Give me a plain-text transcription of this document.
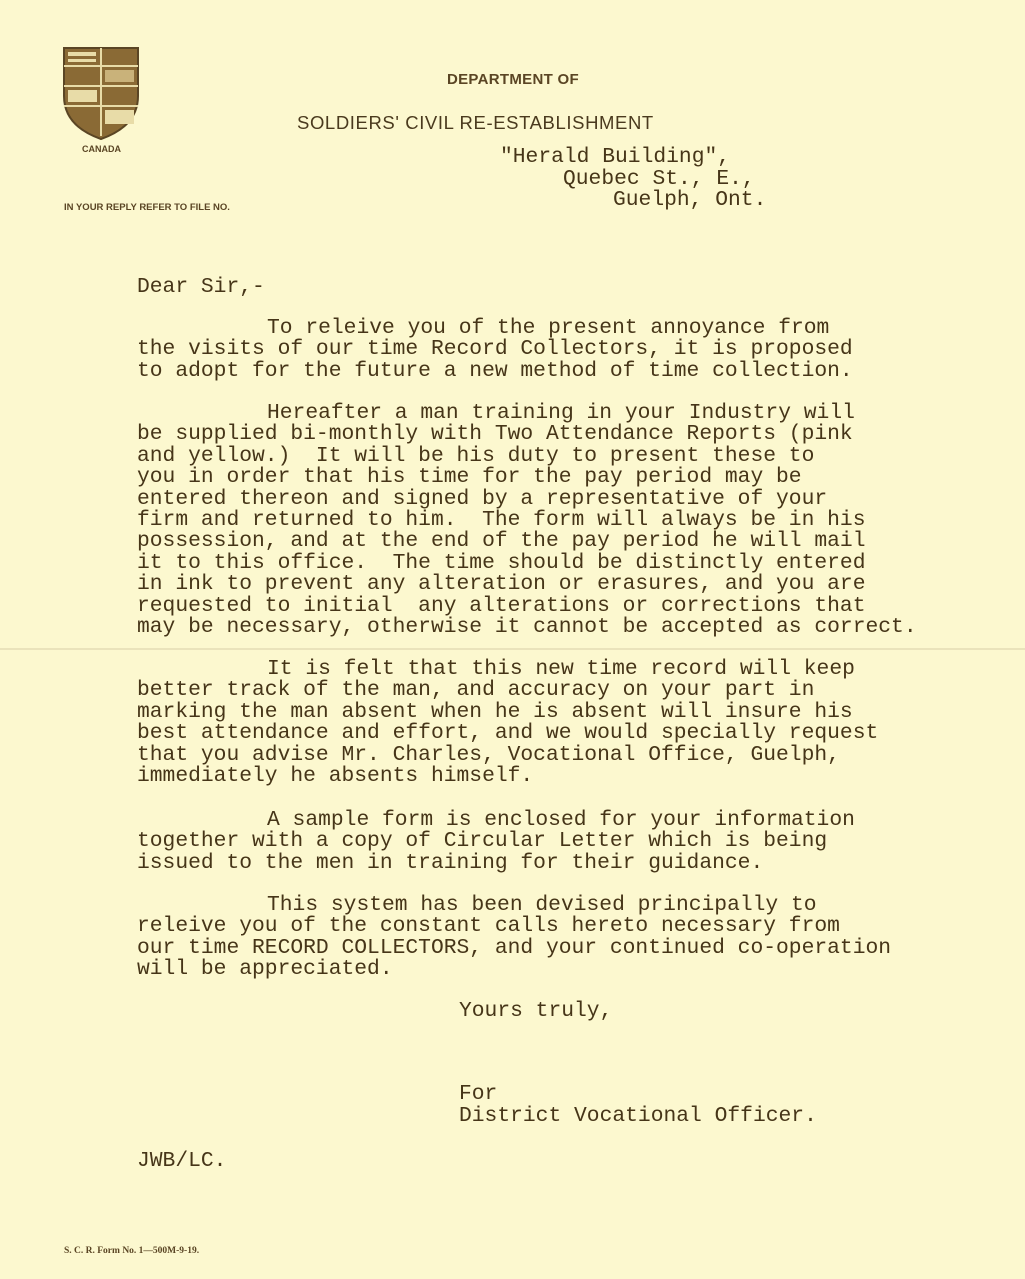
CANADA
DEPARTMENT OF
SOLDIERS' CIVIL RE-ESTABLISHMENT
IN YOUR REPLY REFER TO FILE NO.
"Herald Building",
Quebec St., E.,
Guelph, Ont.
Dear Sir,-
To releive you of the present annoyance from
the visits of our time Record Collectors, it is proposed
to adopt for the future a new method of time collection.
Hereafter a man training in your Industry will
be supplied bi-monthly with Two Attendance Reports (pink
and yellow.)  It will be his duty to present these to
you in order that his time for the pay period may be
entered thereon and signed by a representative of your
firm and returned to him.  The form will always be in his
possession, and at the end of the pay period he will mail
it to this office.  The time should be distinctly entered
in ink to prevent any alteration or erasures, and you are
requested to initial  any alterations or corrections that
may be necessary, otherwise it cannot be accepted as correct.
It is felt that this new time record will keep
better track of the man, and accuracy on your part in
marking the man absent when he is absent will insure his
best attendance and effort, and we would specially request
that you advise Mr. Charles, Vocational Office, Guelph,
immediately he absents himself.
A sample form is enclosed for your information
together with a copy of Circular Letter which is being
issued to the men in training for their guidance.
This system has been devised principally to
releive you of the constant calls hereto necessary from
our time RECORD COLLECTORS, and your continued co-operation
will be appreciated.
Yours truly,
For
District Vocational Officer.
JWB/LC.
S. C. R. Form No. 1—500M-9-19.
